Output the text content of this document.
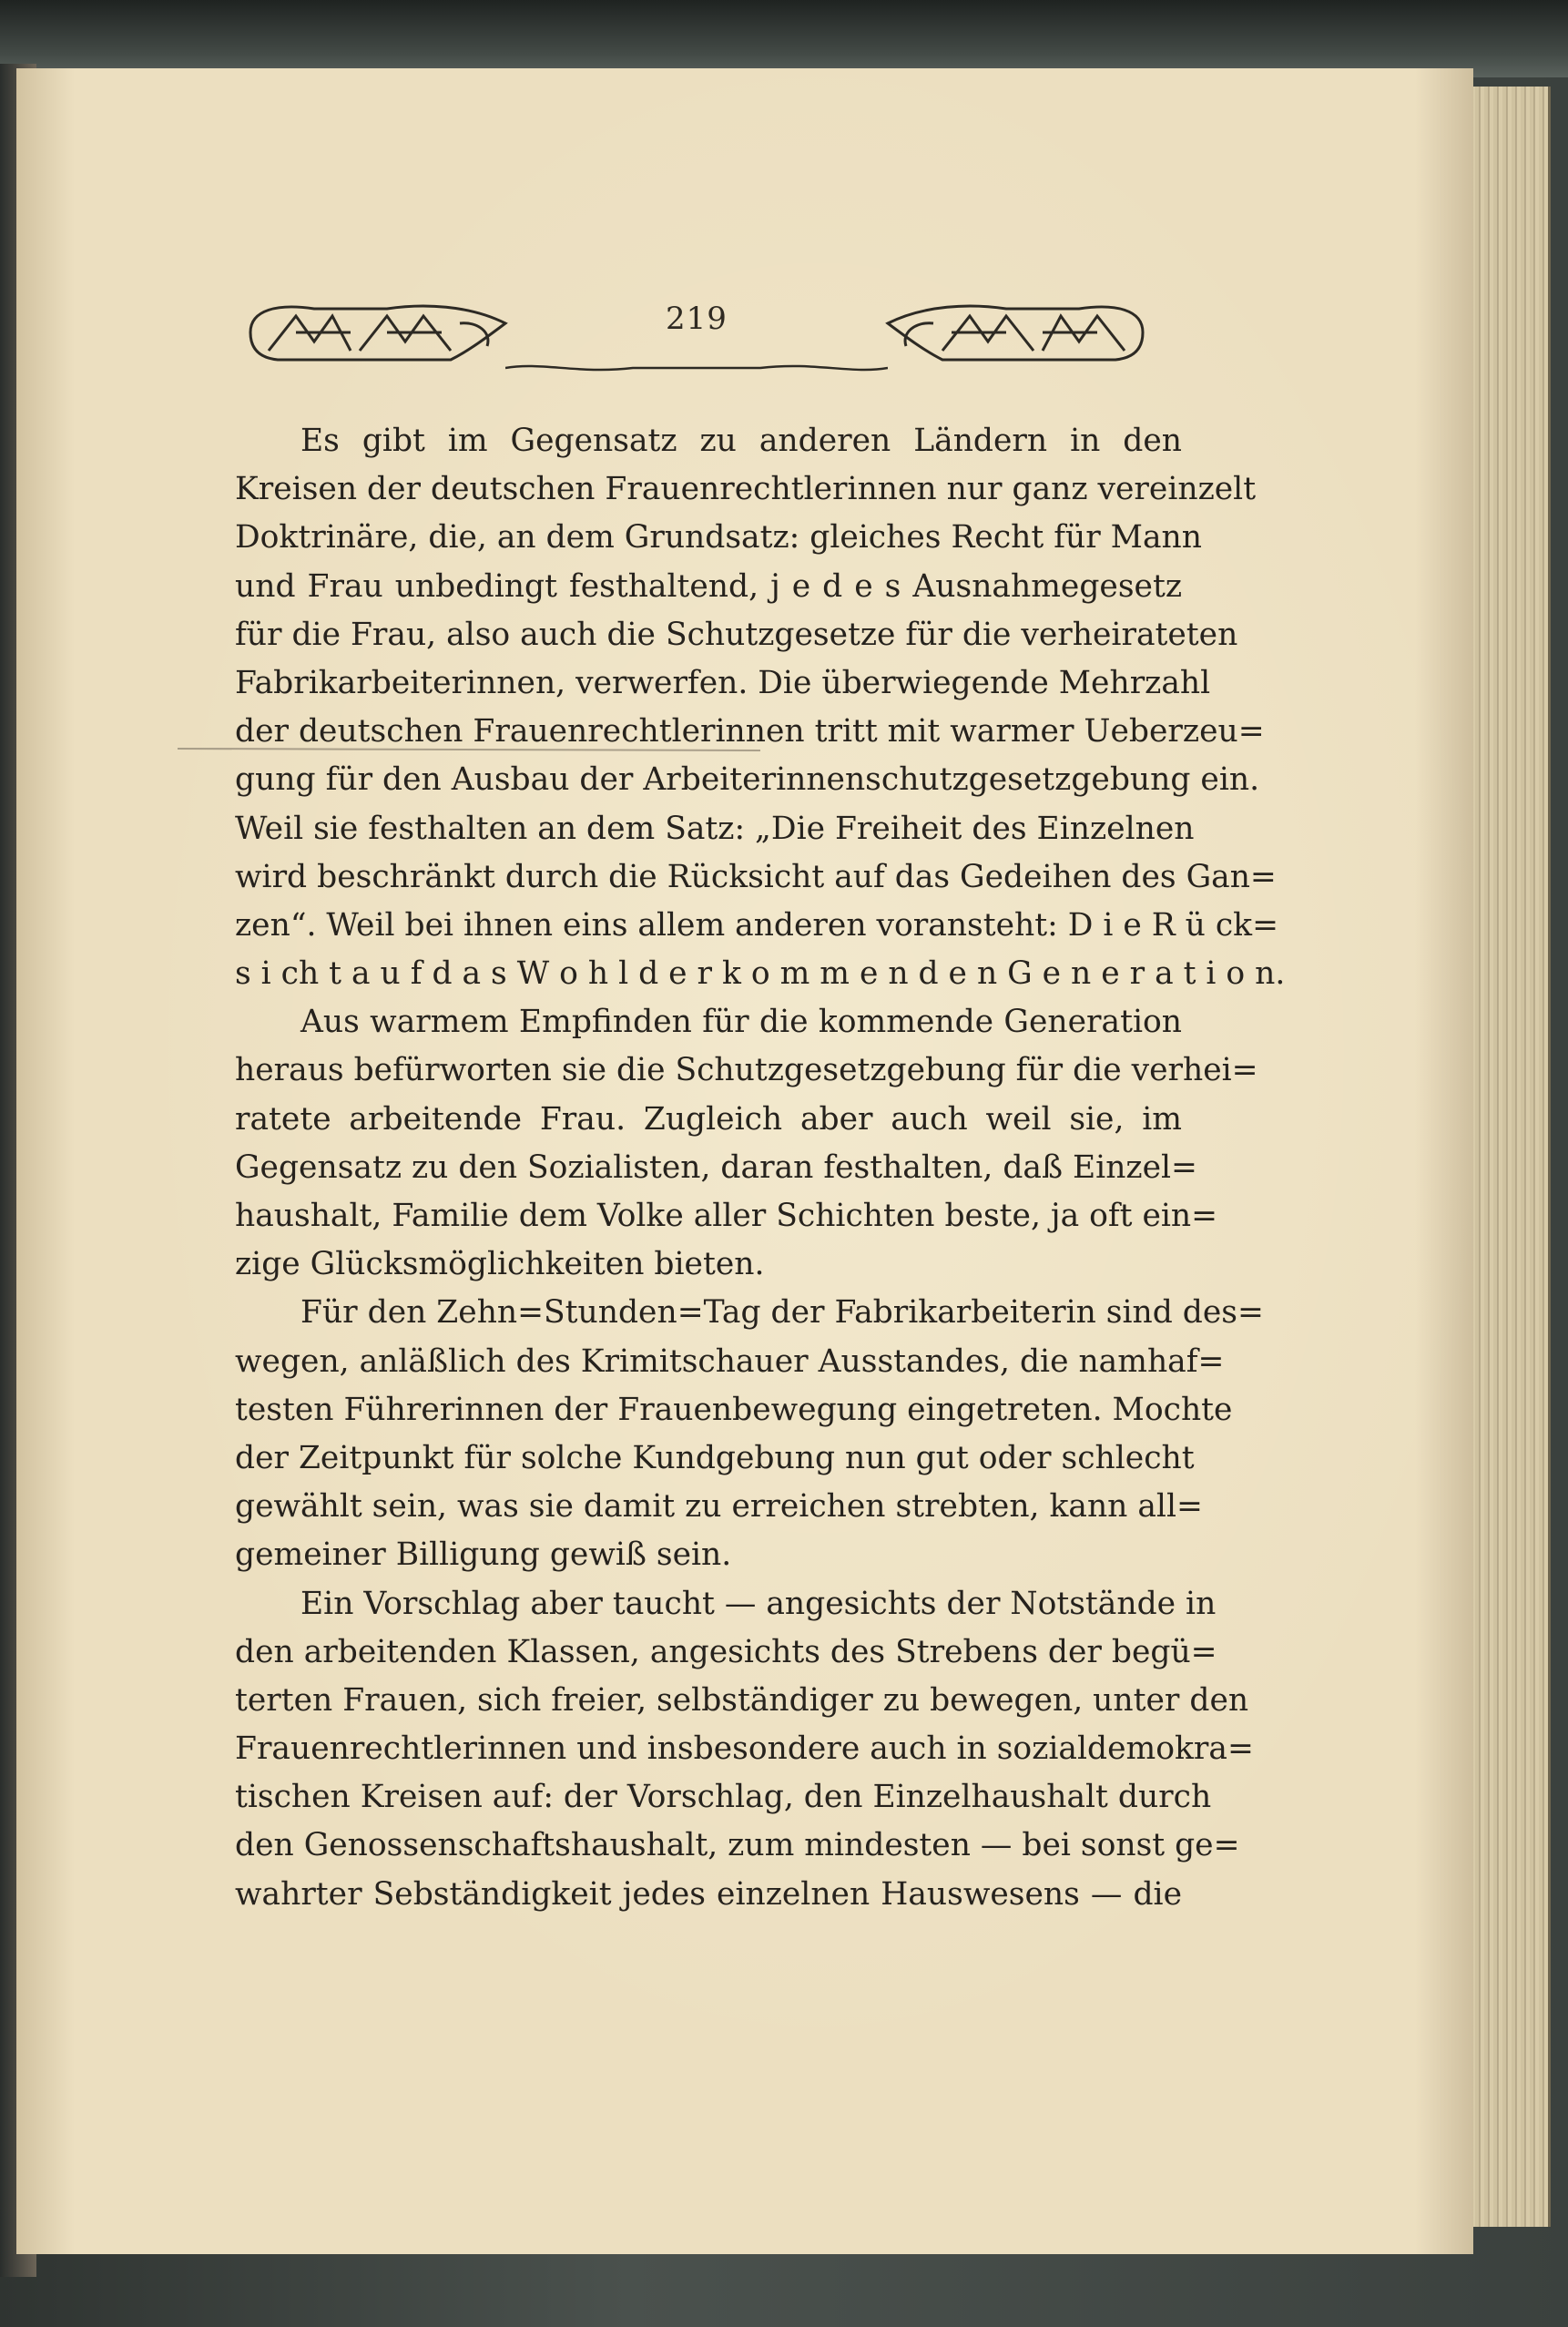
219
Es gibt im Gegensatz zu anderen Ländern in den
Kreisen der deutschen Frauenrechtlerinnen nur ganz vereinzelt
Doktrinäre, die, an dem Grundsatz: gleiches Recht für Mann
und Frau unbedingt festhaltend, j e d e s Ausnahmegesetz
für die Frau, also auch die Schutzgesetze für die verheirateten
Fabrikarbeiterinnen, verwerfen. Die überwiegende Mehrzahl
der deutschen Frauenrechtlerinnen tritt mit warmer Ueberzeu=
gung für den Ausbau der Arbeiterinnenschutzgesetzgebung ein.
Weil sie festhalten an dem Satz: „Die Freiheit des Einzelnen
wird beschränkt durch die Rücksicht auf das Gedeihen des Gan=
zen“. Weil bei ihnen eins allem anderen voransteht: D i e R ü ck=
s i ch t a u f d a s W o h l d e r k o m m e n d e n G e n e r a t i o n.
Aus warmem Empfinden für die kommende Generation
heraus befürworten sie die Schutzgesetzgebung für die verhei=
ratete arbeitende Frau. Zugleich aber auch weil sie, im
Gegensatz zu den Sozialisten, daran festhalten, daß Einzel=
haushalt, Familie dem Volke aller Schichten beste, ja oft ein=
zige Glücksmöglichkeiten bieten.
Für den Zehn=Stunden=Tag der Fabrikarbeiterin sind des=
wegen, anläßlich des Krimitschauer Ausstandes, die namhaf=
testen Führerinnen der Frauenbewegung eingetreten. Mochte
der Zeitpunkt für solche Kundgebung nun gut oder schlecht
gewählt sein, was sie damit zu erreichen strebten, kann all=
gemeiner Billigung gewiß sein.
Ein Vorschlag aber taucht — angesichts der Notstände in
den arbeitenden Klassen, angesichts des Strebens der begü=
terten Frauen, sich freier, selbständiger zu bewegen, unter den
Frauenrechtlerinnen und insbesondere auch in sozialdemokra=
tischen Kreisen auf: der Vorschlag, den Einzelhaushalt durch
den Genossenschaftshaushalt, zum mindesten — bei sonst ge=
wahrter Sebständigkeit jedes einzelnen Hauswesens — die
